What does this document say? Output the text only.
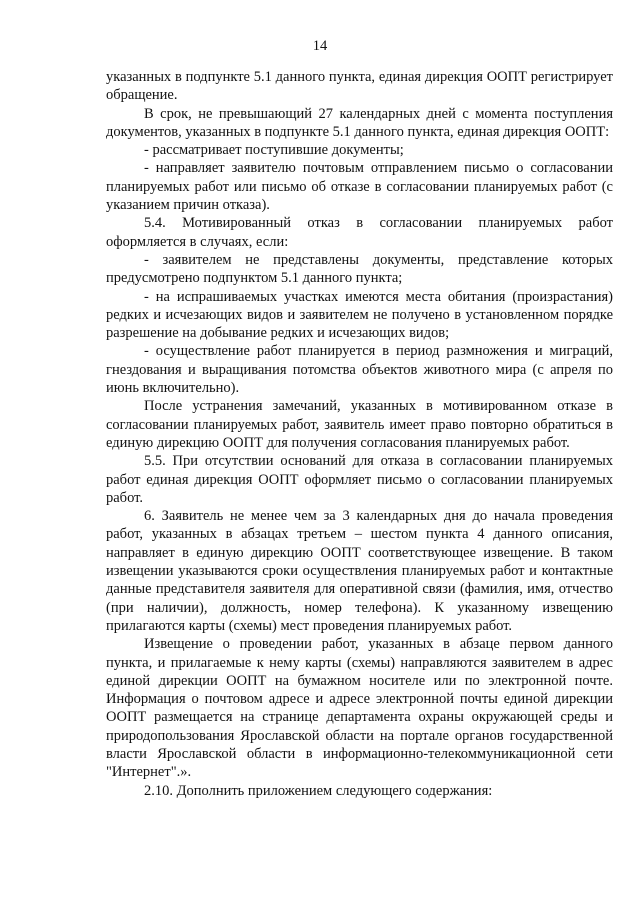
14

указанных в подпункте 5.1 данного пункта, единая дирекция ООПТ регистрирует обращение.

В срок, не превышающий 27 календарных дней с момента поступления документов, указанных в подпункте 5.1 данного пункта, единая дирекция ООПТ:

- рассматривает поступившие документы;

- направляет заявителю почтовым отправлением письмо о согласовании планируемых работ или письмо об отказе в согласовании планируемых работ (с указанием причин отказа).

5.4. Мотивированный отказ в согласовании планируемых работ оформляется в случаях, если:

- заявителем не представлены документы, представление которых предусмотрено подпунктом 5.1 данного пункта;

- на испрашиваемых участках имеются места обитания (произрастания) редких и исчезающих видов и заявителем не получено в установленном порядке разрешение на добывание редких и исчезающих видов;

- осуществление работ планируется в период размножения и миграций, гнездования и выращивания потомства объектов животного мира (с апреля по июнь включительно).

После устранения замечаний, указанных в мотивированном отказе в согласовании планируемых работ, заявитель имеет право повторно обратиться в единую дирекцию ООПТ для получения согласования планируемых работ.

5.5. При отсутствии оснований для отказа в согласовании планируемых работ единая дирекция ООПТ оформляет письмо о согласовании планируемых работ.

6. Заявитель не менее чем за 3 календарных дня до начала проведения работ, указанных в абзацах третьем – шестом пункта 4 данного описания, направляет в единую дирекцию ООПТ соответствующее извещение. В таком извещении указываются сроки осуществления планируемых работ и контактные данные представителя заявителя для оперативной связи (фамилия, имя, отчество (при наличии), должность, номер телефона). К указанному извещению прилагаются карты (схемы) мест проведения планируемых работ.

Извещение о проведении работ, указанных в абзаце первом данного пункта, и прилагаемые к нему карты (схемы) направляются заявителем в адрес единой дирекции ООПТ на бумажном носителе или по электронной почте. Информация о почтовом адресе и адресе электронной почты единой дирекции ООПТ размещается на странице департамента охраны окружающей среды и природопользования Ярославской области на портале органов государственной власти Ярославской области в информационно-телекоммуникационной сети "Интернет".».

2.10. Дополнить приложением следующего содержания:
